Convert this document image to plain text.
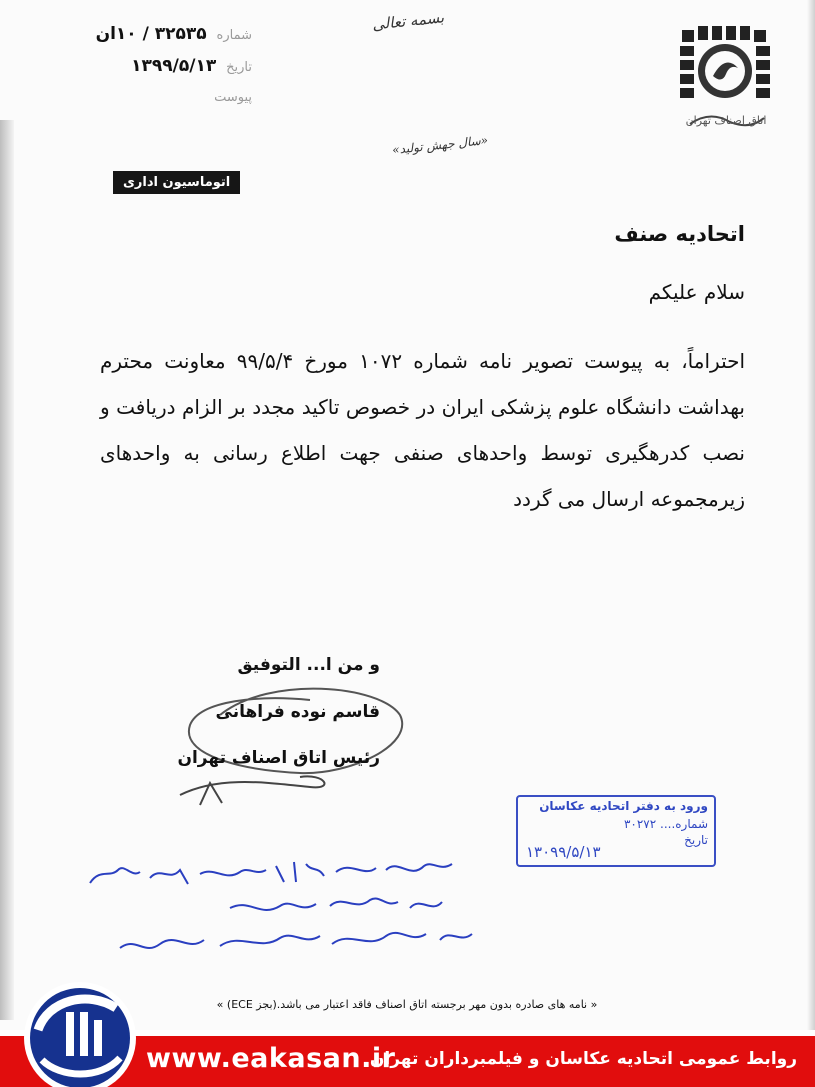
شماره ۳۲۵۳۵ / ۱۰ان
تاریخ ۱۳۹۹/۵/۱۳
پیوست
بسمه تعالی
اتاق اصناف تهران
«سال جهش تولید»
اتوماسیون اداری
اتحادیه صنف
سلام علیکم
احتراماً، به پیوست تصویر نامه شماره ۱۰۷۲ مورخ ۹۹/۵/۴ معاونت محترم بهداشت دانشگاه علوم پزشکی ایران در خصوص تاکید مجدد بر الزام دریافت و نصب کدرهگیری توسط واحدهای صنفی جهت اطلاع رسانی به واحدهای زیرمجموعه ارسال می گردد
و من ا... التوفیق
قاسم نوده فراهانی
رئیس اتاق اصناف تهران
ورود به دفتر اتحادیه عکاسان
شماره.... ۳۰۲۷۲
تاریخ
۱۳۰۹۹/۵/۱۳
« نامه های صادره بدون مهر برجسته اتاق اصناف فاقد اعتبار می باشد.(بجز ECE) »
www.eakasan.ir
روابط عمومی اتحادیه عکاسان و فیلمبرداران تهران
